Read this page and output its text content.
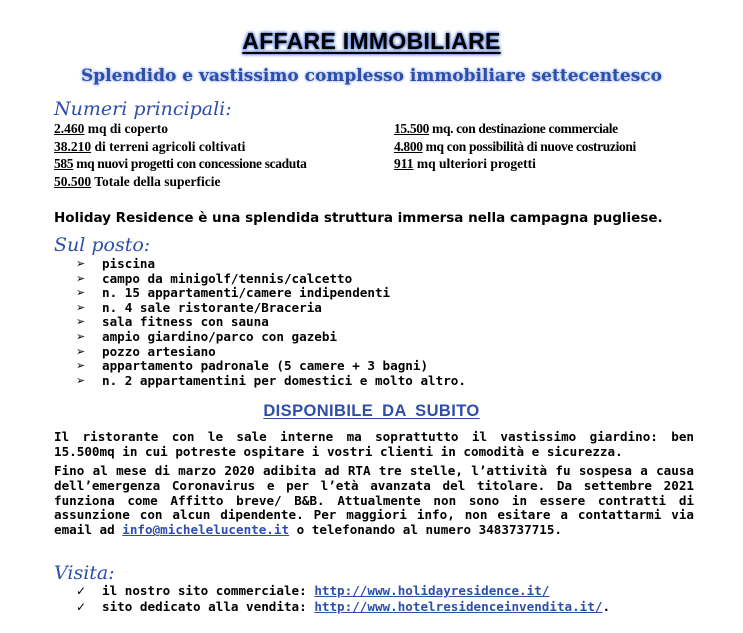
AFFARE IMMOBILIARE
Splendido e vastissimo complesso immobiliare settecentesco
Numeri principali:
2.460 mq di coperto	15.500 mq. con destinazione commerciale
38.210 di terreni agricoli coltivati	4.800 mq con possibilità di nuove costruzioni
585 mq nuovi progetti con concessione scaduta	911 mq ulteriori progetti
50.500 Totale della superficie
Holiday Residence è una splendida struttura immersa nella campagna pugliese.
Sul posto:
➢ piscina
➢ campo da minigolf/tennis/calcetto
➢ n. 15 appartamenti/camere indipendenti
➢ n. 4 sale ristorante/Braceria
➢ sala fitness con sauna
➢ ampio giardino/parco con gazebi
➢ pozzo artesiano
➢ appartamento padronale (5 camere + 3 bagni)
➢ n. 2 appartamentini per domestici e molto altro.
DISPONIBILE DA SUBITO

Il ristorante con le sale interne ma soprattutto il vastissimo giardino: ben 15.500mq in cui potreste ospitare i vostri clienti in comodità e sicurezza.

Fino al mese di marzo 2020 adibita ad RTA tre stelle, l’attività fu sospesa a causa dell’emergenza Coronavirus e per l’età avanzata del titolare. Da settembre 2021 funziona come Affitto breve/ B&B. Attualmente non sono in essere contratti di assunzione con alcun dipendente. Per maggiori info, non esitare a contattarmi via email ad info@michelelucente.it o telefonando al numero 3483737715.

Visita:
✓ il nostro sito commerciale: http://www.holidayresidence.it/
✓ sito dedicato alla vendita: http://www.hotelresidenceinvendita.it/.
